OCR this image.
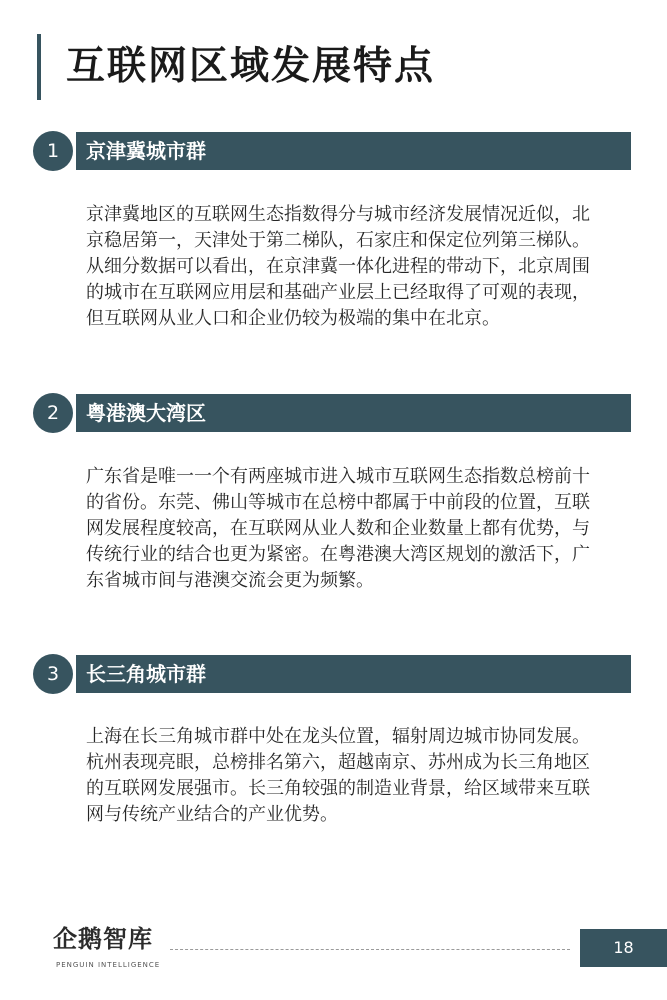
互联网区域发展特点
1	京津冀城市群

京津冀地区的互联网生态指数得分与城市经济发展情况近似，北京稳居第一，天津处于第二梯队，石家庄和保定位列第三梯队。从细分数据可以看出，在京津冀一体化进程的带动下，北京周围的城市在互联网应用层和基础产业层上已经取得了可观的表现，但互联网从业人口和企业仍较为极端的集中在北京。

2	粤港澳大湾区

广东省是唯一一个有两座城市进入城市互联网生态指数总榜前十的省份。东莞、佛山等城市在总榜中都属于中前段的位置，互联网发展程度较高，在互联网从业人数和企业数量上都有优势，与传统行业的结合也更为紧密。在粤港澳大湾区规划的激活下，广东省城市间与港澳交流会更为频繁。

3	长三角城市群

上海在长三角城市群中处在龙头位置，辐射周边城市协同发展。杭州表现亮眼，总榜排名第六，超越南京、苏州成为长三角地区的互联网发展强市。长三角较强的制造业背景，给区域带来互联网与传统产业结合的产业优势。

企鹅智库
PENGUIN INTELLIGENCE
18
